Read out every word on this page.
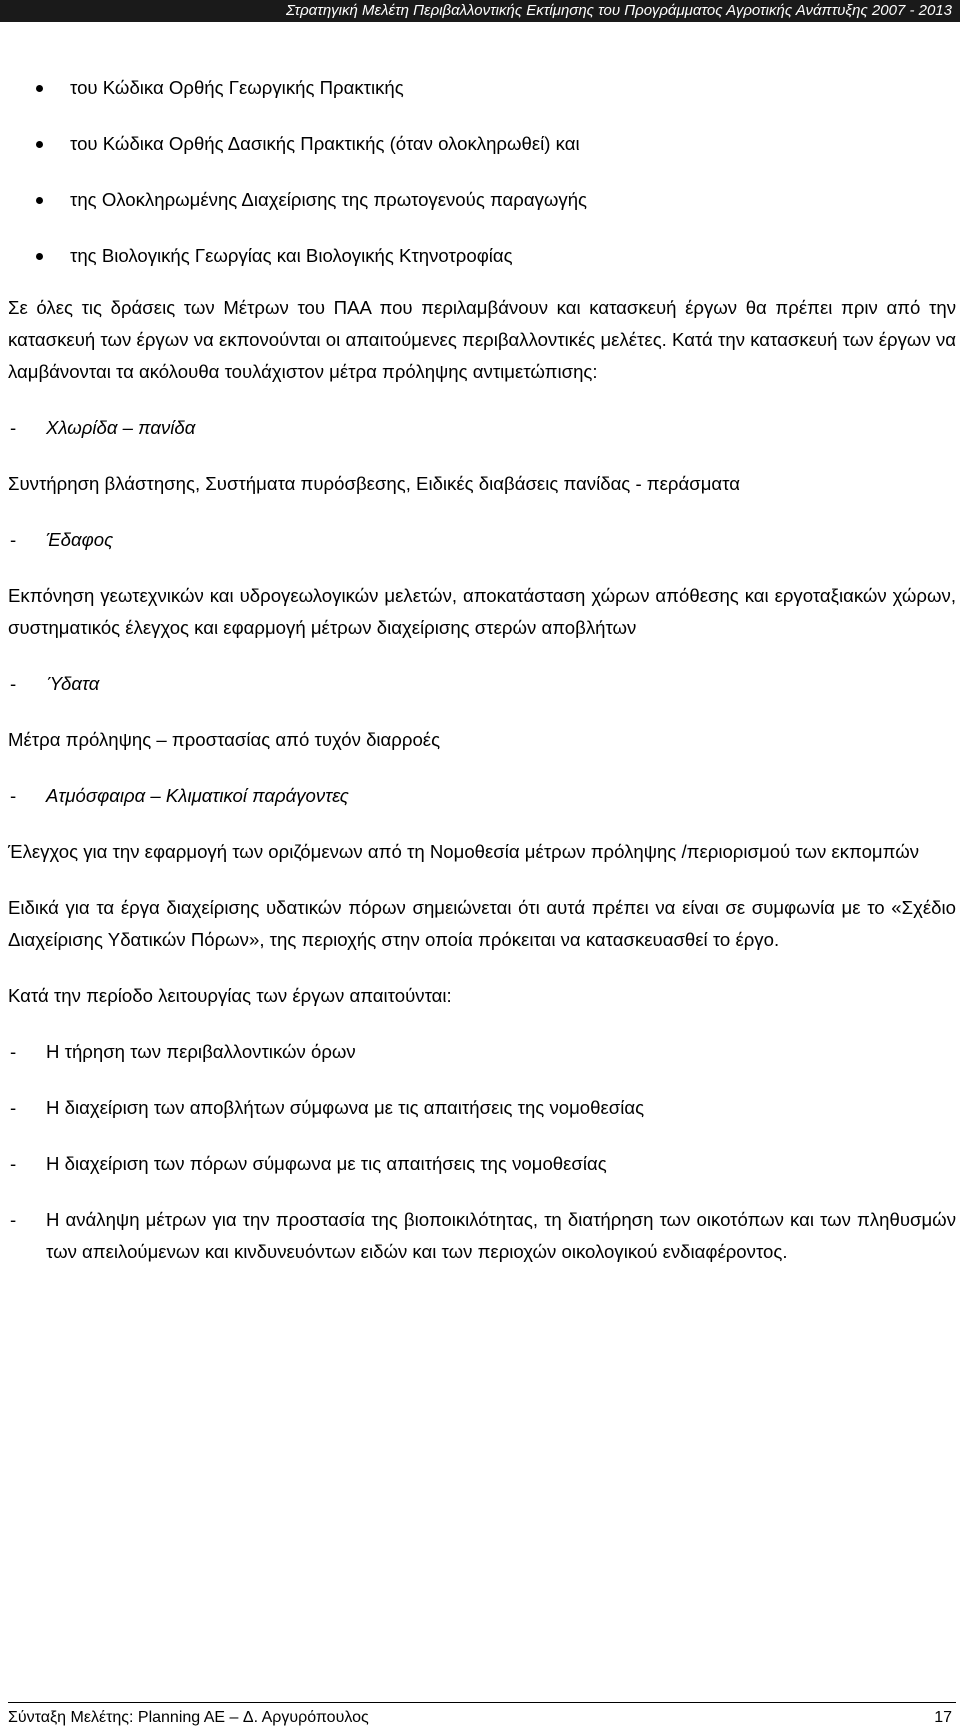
Στρατηγική Μελέτη Περιβαλλοντικής Εκτίμησης του Προγράμματος Αγροτικής Ανάπτυξης 2007 - 2013
του Κώδικα Ορθής Γεωργικής Πρακτικής
του Κώδικα Ορθής Δασικής Πρακτικής (όταν ολοκληρωθεί) και
της Ολοκληρωμένης Διαχείρισης της πρωτογενούς παραγωγής
της Βιολογικής Γεωργίας και Βιολογικής Κτηνοτροφίας

Σε όλες τις δράσεις των Μέτρων του ΠΑΑ που περιλαμβάνουν και κατασκευή έργων θα πρέπει πριν από την κατασκευή των έργων να εκπονούνται οι απαιτούμενες περιβαλλοντικές μελέτες. Κατά την κατασκευή των έργων να λαμβάνονται τα ακόλουθα τουλάχιστον μέτρα πρόληψης αντιμετώπισης:

- Χλωρίδα – πανίδα

Συντήρηση βλάστησης, Συστήματα πυρόσβεσης, Ειδικές διαβάσεις πανίδας - περάσματα

- Έδαφος

Εκπόνηση γεωτεχνικών και υδρογεωλογικών μελετών, αποκατάσταση χώρων απόθεσης και εργοταξιακών χώρων, συστηματικός έλεγχος και εφαρμογή μέτρων διαχείρισης στερών αποβλήτων

- Ύδατα

Μέτρα πρόληψης – προστασίας από τυχόν διαρροές

- Ατμόσφαιρα – Κλιματικοί παράγοντες

Έλεγχος για την εφαρμογή των οριζόμενων από τη Νομοθεσία μέτρων πρόληψης /περιορισμού των εκπομπών

Ειδικά για τα έργα διαχείρισης υδατικών πόρων σημειώνεται ότι αυτά πρέπει να είναι σε συμφωνία με το «Σχέδιο Διαχείρισης Υδατικών Πόρων», της περιοχής στην οποία πρόκειται να κατασκευασθεί το έργο.

Κατά την περίοδο λειτουργίας των έργων απαιτούνται:

- Η τήρηση των περιβαλλοντικών όρων
- Η διαχείριση των αποβλήτων σύμφωνα με τις απαιτήσεις της νομοθεσίας
- Η διαχείριση των πόρων σύμφωνα με τις απαιτήσεις της νομοθεσίας
- Η ανάληψη μέτρων για την προστασία της βιοποικιλότητας, τη διατήρηση των οικοτόπων και των πληθυσμών των απειλούμενων και κινδυνευόντων ειδών και των περιοχών οικολογικού ενδιαφέροντος.
Σύνταξη Μελέτης: Planning AE – Δ. Αργυρόπουλος	17
